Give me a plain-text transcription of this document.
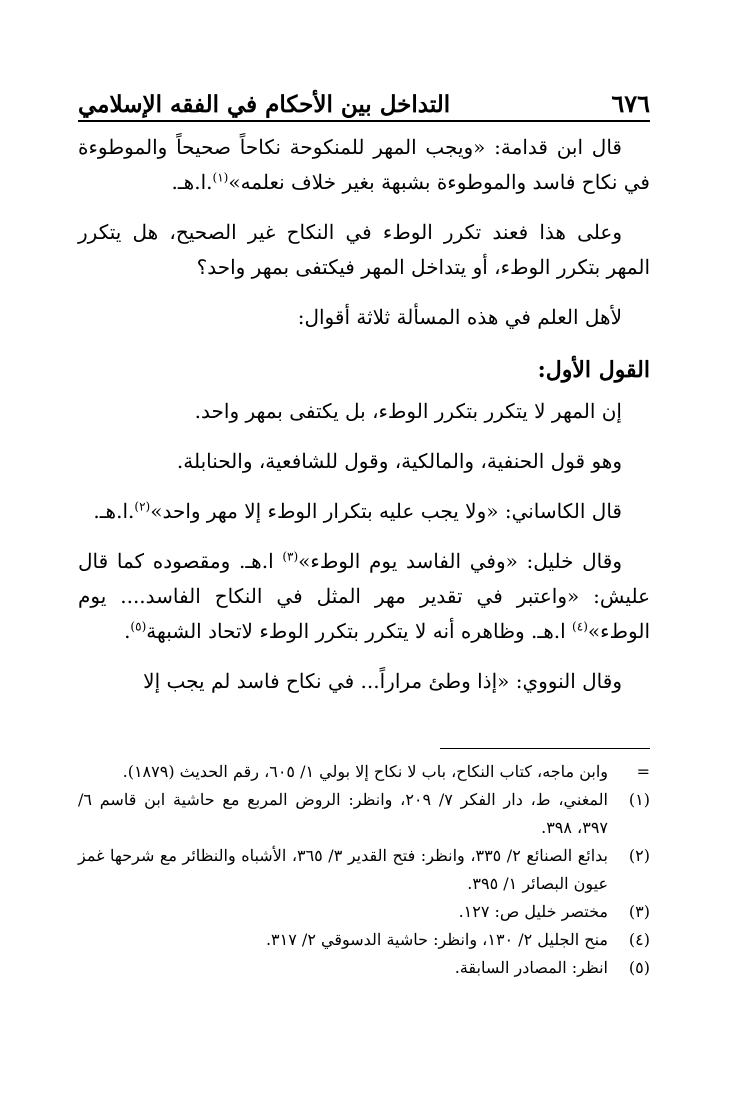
٦٧٦
التداخل بين الأحكام في الفقه الإسلامي

قال ابن قدامة: «ويجب المهر للمنكوحة نكاحاً صحيحاً والموطوءة في نكاح فاسد والموطوءة بشبهة بغير خلاف نعلمه»$^{(١)}$.ا.هـ.

وعلى هذا فعند تكرر الوطء في النكاح غير الصحيح، هل يتكرر المهر بتكرر الوطء، أو يتداخل المهر فيكتفى بمهر واحد؟

لأهل العلم في هذه المسألة ثلاثة أقوال:

القول الأول:

إن المهر لا يتكرر بتكرر الوطء، بل يكتفى بمهر واحد.

وهو قول الحنفية، والمالكية، وقول للشافعية، والحنابلة.

قال الكاساني: «ولا يجب عليه بتكرار الوطء إلا مهر واحد»$^{(٢)}$.ا.هـ.

وقال خليل: «وفي الفاسد يوم الوطء»$^{(٣)}$ ا.هـ. ومقصوده كما قال عليش: «واعتبر في تقدير مهر المثل في النكاح الفاسد.... يوم الوطء»$^{(٤)}$ ا.هـ. وظاهره أنه لا يتكرر بتكرر الوطء لاتحاد الشبهة$^{(٥)}$.

وقال النووي: «إذا وطئ مراراً... في نكاح فاسد لم يجب إلا

=
وابن ماجه، كتاب النكاح، باب لا نكاح إلا بولي ١/ ٦٠٥، رقم الحديث (١٨٧٩).
(١)
المغني، ط، دار الفكر ٧/ ٢٠٩، وانظر: الروض المربع مع حاشية ابن قاسم ٦/ ٣٩٧، ٣٩٨.
(٢)
بدائع الصنائع ٢/ ٣٣٥، وانظر: فتح القدير ٣/ ٣٦٥، الأشباه والنظائر مع شرحها غمز عيون البصائر ١/ ٣٩٥.
(٣)
مختصر خليل ص: ١٢٧.
(٤)
منح الجليل ٢/ ١٣٠، وانظر: حاشية الدسوقي ٢/ ٣١٧.
(٥)
انظر: المصادر السابقة.
